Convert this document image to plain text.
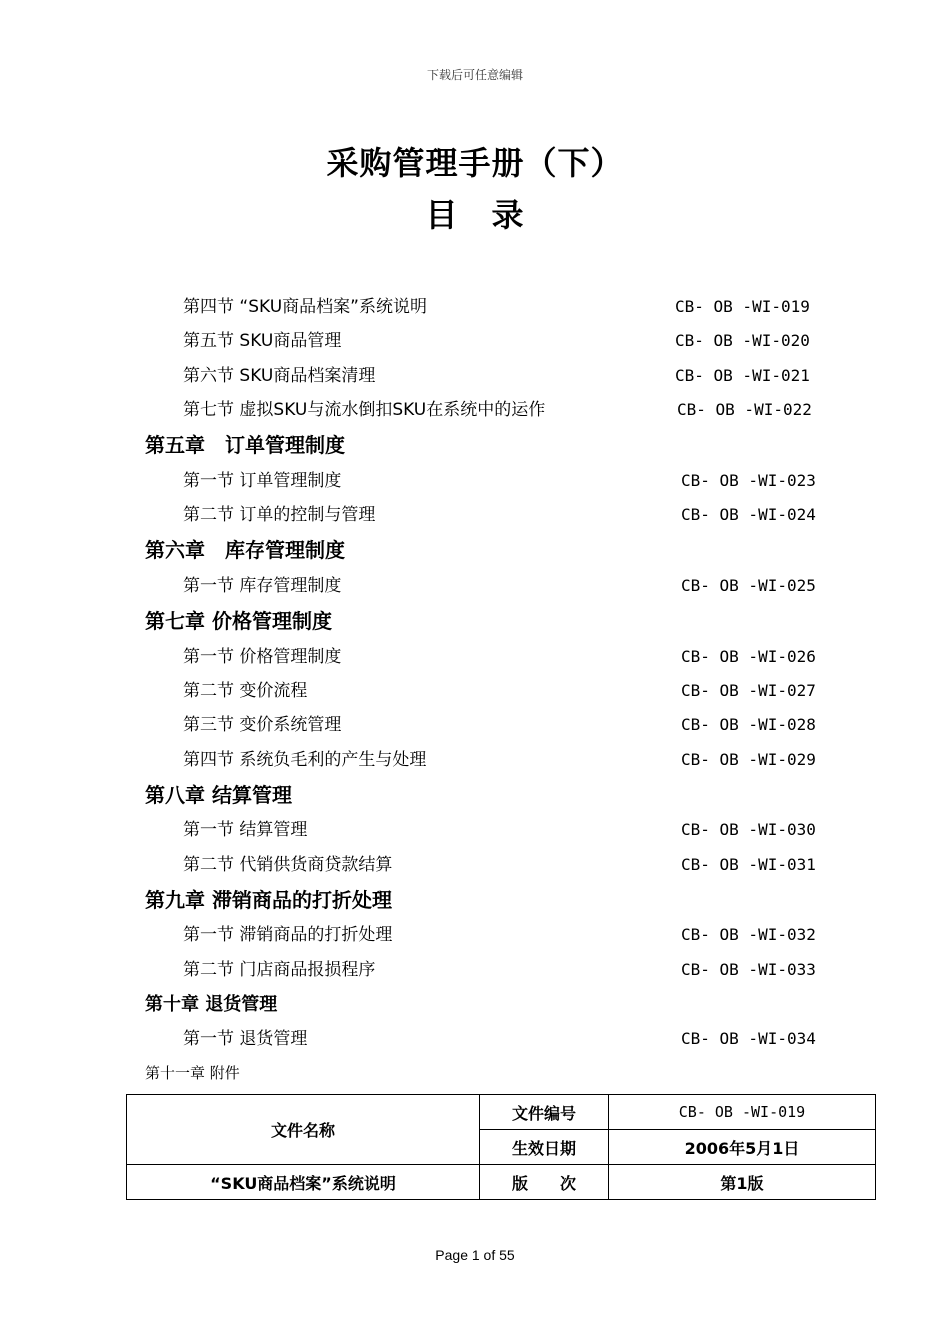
下载后可任意编辑
采购管理手册（下）
目　录
第四节 “SKU商品档案”系统说明	CB- OB -WI-019
第五节 SKU商品管理	CB- OB -WI-020
第六节 SKU商品档案清理	CB- OB -WI-021
第七节 虚拟SKU与流水倒扣SKU在系统中的运作	CB- OB -WI-022
第五章　订单管理制度
第一节 订单管理制度	CB- OB -WI-023
第二节 订单的控制与管理	CB- OB -WI-024
第六章　库存管理制度
第一节 库存管理制度	CB- OB -WI-025
第七章 价格管理制度
第一节 价格管理制度	CB- OB -WI-026
第二节 变价流程	CB- OB -WI-027
第三节 变价系统管理	CB- OB -WI-028
第四节 系统负毛利的产生与处理	CB- OB -WI-029
第八章 结算管理
第一节 结算管理	CB- OB -WI-030
第二节 代销供货商贷款结算	CB- OB -WI-031
第九章 滞销商品的打折处理
第一节 滞销商品的打折处理	CB- OB -WI-032
第二节 门店商品报损程序	CB- OB -WI-033
第十章 退货管理
第一节 退货管理	CB- OB -WI-034
第十一章 附件
文件名称	文件编号	CB- OB -WI-019
	生效日期	2006年5月1日
“SKU商品档案”系统说明	版　　次	第1版
Page 1 of 55
